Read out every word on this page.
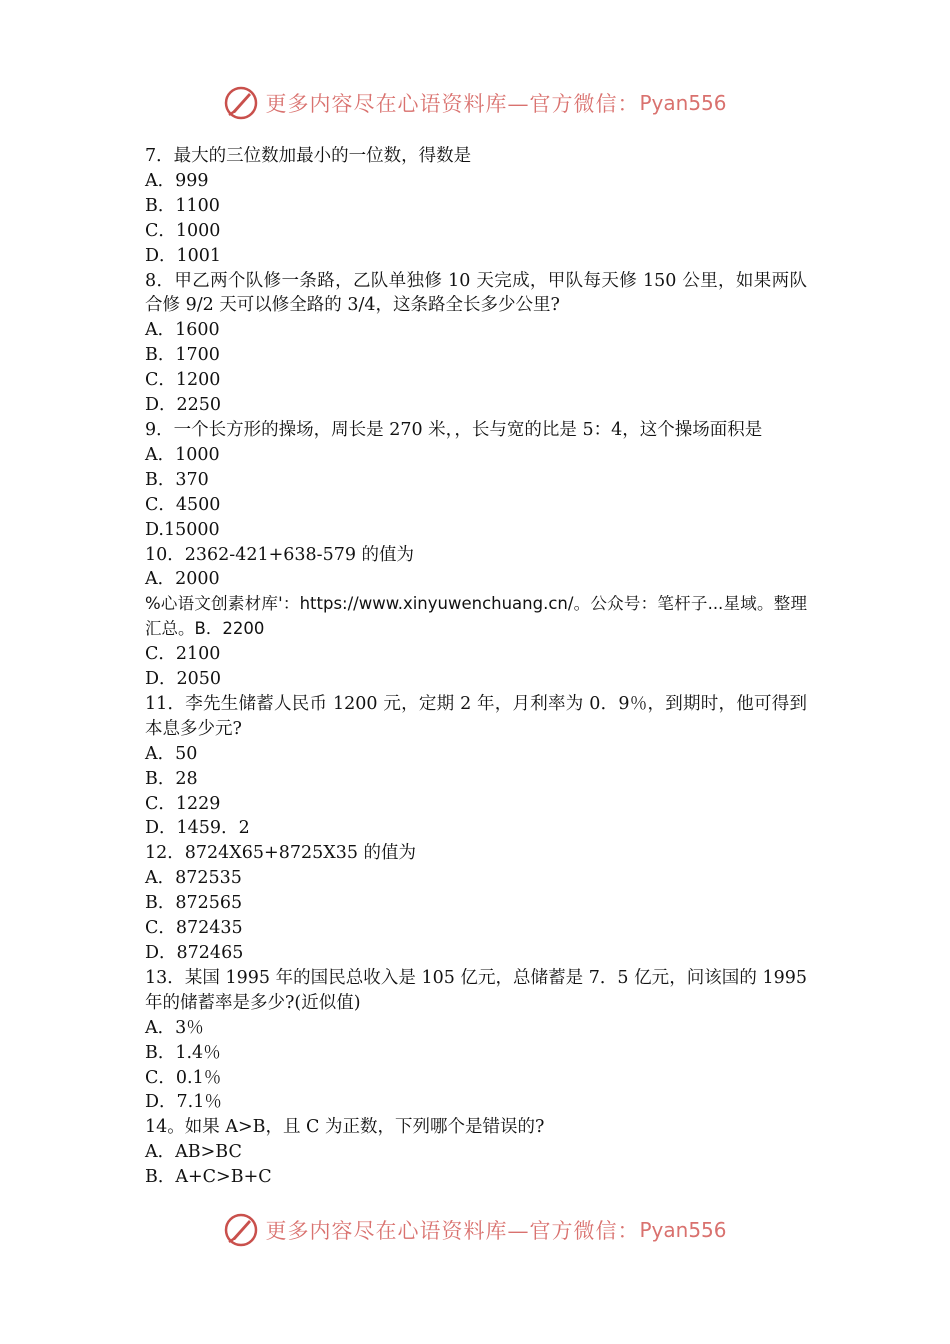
更多内容尽在心语资料库—官方微信： Pyan556
7．最大的三位数加最小的一位数，得数是
A．999
B．1100
C．1000
D．1001
8．甲乙两个队修一条路，乙队单独修 10 天完成，甲队每天修 150 公里，如果两队合修 9/2 天可以修全路的 3/4，这条路全长多少公里?
A．1600
B．1700
C．1200
D．2250
9．一个长方形的操场，周长是 270 米，，长与宽的比是 5：4，这个操场面积是
A．1000
B．370
C．4500
D.15000
10．2362-421+638-579 的值为
A．2000
%心语文创素材库'：https://www.xinyuwenchuang.cn/。公众号：笔杆子...星域。整理汇总。B．2200
C．2100
D．2050
11．李先生储蓄人民币 1200 元，定期 2 年，月利率为 0．9％，到期时，他可得到本息多少元?
A．50
B．28
C．1229
D．1459．2
12．8724X65+8725X35 的值为
A．872535
B．872565
C．872435
D．872465
13．某国 1995 年的国民总收入是 105 亿元，总储蓄是 7．5 亿元，问该国的 1995 年的储蓄率是多少?(近似值)
A．3％
B．1.4％
C．0.1％
D．7.1％
14。如果 A>B，且 C 为正数，下列哪个是错误的?
A．AB>BC
B．A+C>B+C
更多内容尽在心语资料库—官方微信： Pyan556
